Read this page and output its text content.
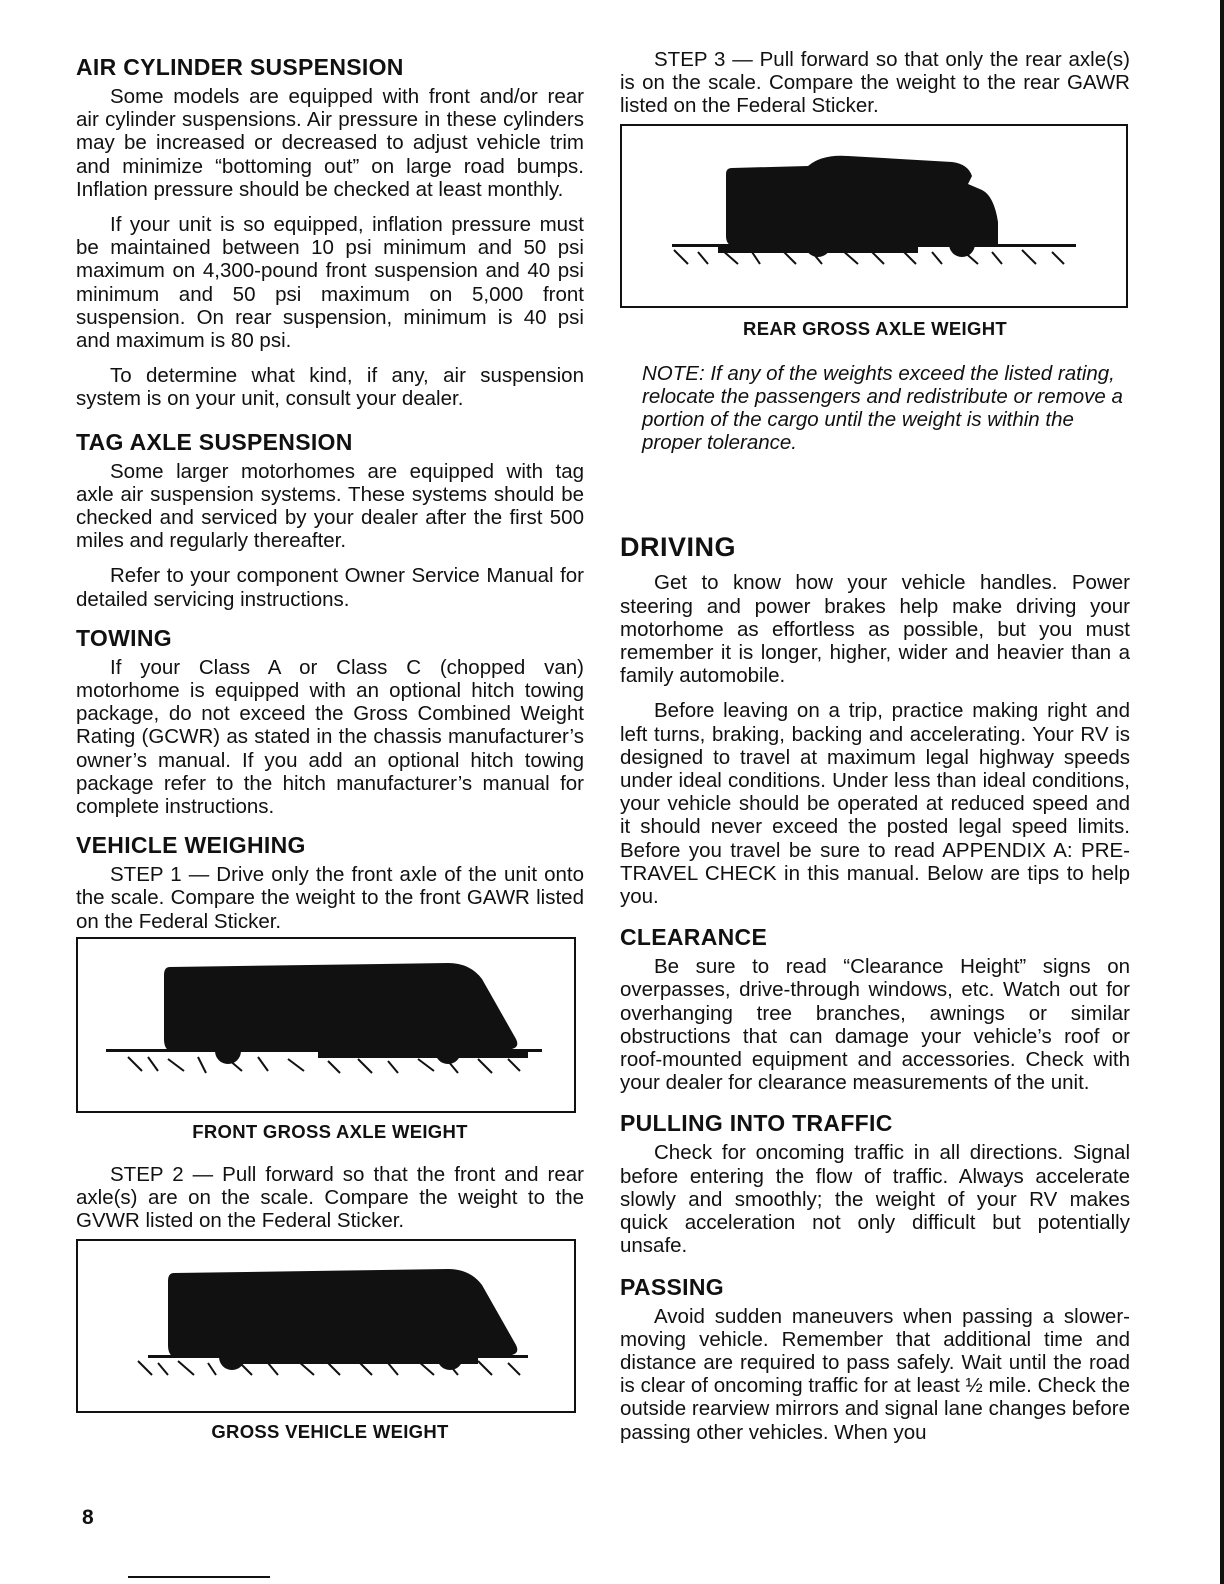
AIR CYLINDER SUSPENSION

Some models are equipped with front and/or rear air cylinder suspensions. Air pressure in these cylinders may be increased or decreased to adjust vehicle trim and minimize “bottoming out” on large road bumps. Inflation pressure should be checked at least monthly.

If your unit is so equipped, inflation pressure must be maintained between 10 psi minimum and 50 psi maximum on 4,300-pound front suspension and 40 psi minimum and 50 psi maximum on 5,000 front suspension. On rear suspension, minimum is 40 psi and maximum is 80 psi.

To determine what kind, if any, air suspension system is on your unit, consult your dealer.

TAG AXLE SUSPENSION

Some larger motorhomes are equipped with tag axle air suspension systems. These systems should be checked and serviced by your dealer after the first 500 miles and regularly thereafter.

Refer to your component Owner Service Manual for detailed servicing instructions.

TOWING

If your Class A or Class C (chopped van) motorhome is equipped with an optional hitch towing package, do not exceed the Gross Combined Weight Rating (GCWR) as stated in the chassis manufacturer’s owner’s manual. If you add an optional hitch towing package refer to the hitch manufacturer’s manual for complete instructions.

VEHICLE WEIGHING

STEP 1 — Drive only the front axle of the unit onto the scale. Compare the weight to the front GAWR listed on the Federal Sticker.

FRONT GROSS AXLE WEIGHT

STEP 2 — Pull forward so that the front and rear axle(s) are on the scale. Compare the weight to the GVWR listed on the Federal Sticker.

GROSS VEHICLE WEIGHT

STEP 3 — Pull forward so that only the rear axle(s) is on the scale. Compare the weight to the rear GAWR listed on the Federal Sticker.

REAR GROSS AXLE WEIGHT

NOTE: If any of the weights exceed the listed rating, relocate the passengers and redistribute or remove a portion of the cargo until the weight is within the proper tolerance.

DRIVING

Get to know how your vehicle handles. Power steering and power brakes help make driving your motorhome as effortless as possible, but you must remember it is longer, higher, wider and heavier than a family automobile.

Before leaving on a trip, practice making right and left turns, braking, backing and accelerating. Your RV is designed to travel at maximum legal highway speeds under ideal conditions. Under less than ideal conditions, your vehicle should be operated at reduced speed and it should never exceed the posted legal speed limits. Before you travel be sure to read APPENDIX A: PRE-TRAVEL CHECK in this manual. Below are tips to help you.

CLEARANCE

Be sure to read “Clearance Height” signs on overpasses, drive-through windows, etc. Watch out for overhanging tree branches, awnings or similar obstructions that can damage your vehicle’s roof or roof-mounted equipment and accessories. Check with your dealer for clearance measurements of the unit.

PULLING INTO TRAFFIC

Check for oncoming traffic in all directions. Signal before entering the flow of traffic. Always accelerate slowly and smoothly; the weight of your RV makes quick acceleration not only difficult but potentially unsafe.

PASSING

Avoid sudden maneuvers when passing a slower-moving vehicle. Remember that additional time and distance are required to pass safely. Wait until the road is clear of oncoming traffic for at least ½ mile. Check the outside rearview mirrors and signal lane changes before passing other vehicles. When you

8
